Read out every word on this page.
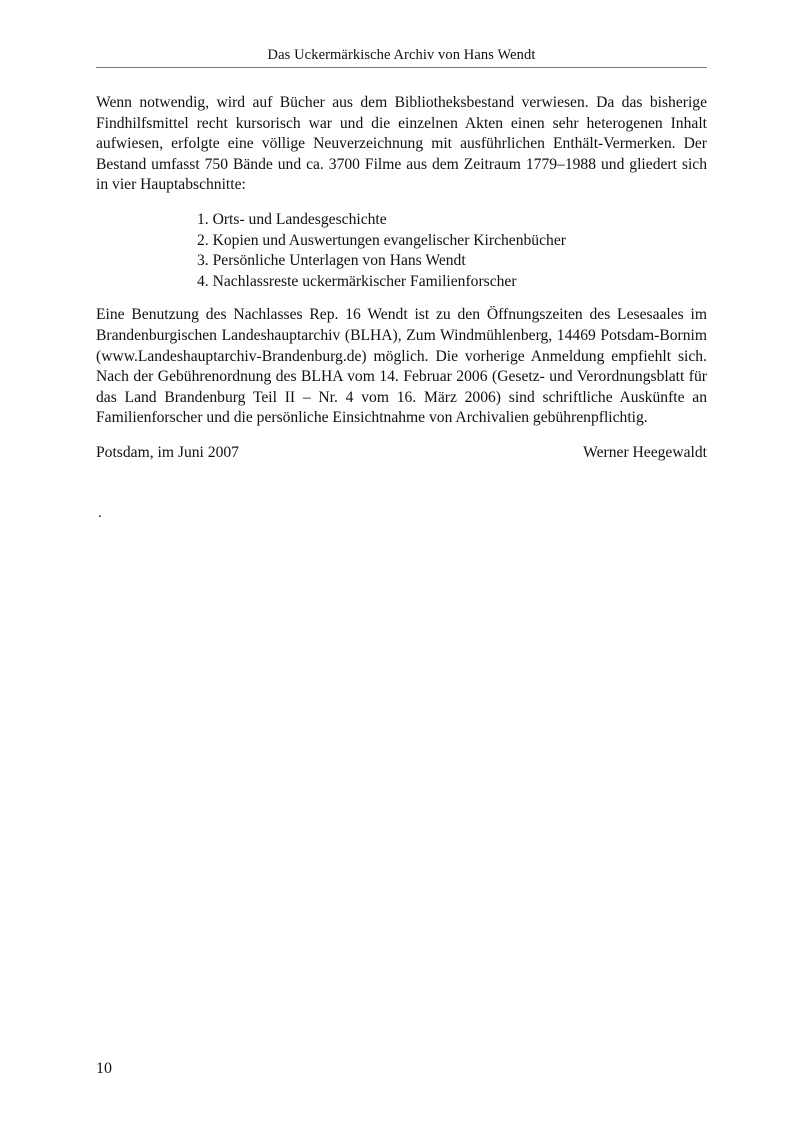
Das Uckermärkische Archiv von Hans Wendt

Wenn notwendig, wird auf Bücher aus dem Bibliotheksbestand verwiesen. Da das bisherige Findhilfsmittel recht kursorisch war und die einzelnen Akten einen sehr heterogenen Inhalt aufwiesen, erfolgte eine völlige Neuverzeichnung mit ausführlichen Enthält-Vermerken. Der Bestand umfasst 750 Bände und ca. 3700 Filme aus dem Zeitraum 1779–1988 und gliedert sich in vier Hauptabschnitte:

1. Orts- und Landesgeschichte
2. Kopien und Auswertungen evangelischer Kirchenbücher
3. Persönliche Unterlagen von Hans Wendt
4. Nachlassreste uckermärkischer Familienforscher

Eine Benutzung des Nachlasses Rep. 16 Wendt ist zu den Öffnungszeiten des Lesesaales im Brandenburgischen Landeshauptarchiv (BLHA), Zum Windmühlenberg, 14469 Potsdam-Bornim (www.Landeshauptarchiv-Brandenburg.de) möglich. Die vorherige Anmeldung empfiehlt sich. Nach der Gebührenordnung des BLHA vom 14. Februar 2006 (Gesetz- und Verordnungsblatt für das Land Brandenburg Teil II – Nr. 4 vom 16. März 2006) sind schriftliche Auskünfte an Familienforscher und die persönliche Einsichtnahme von Archivalien gebührenpflichtig.

Potsdam, im Juni 2007	Werner Heegewaldt
.
10
